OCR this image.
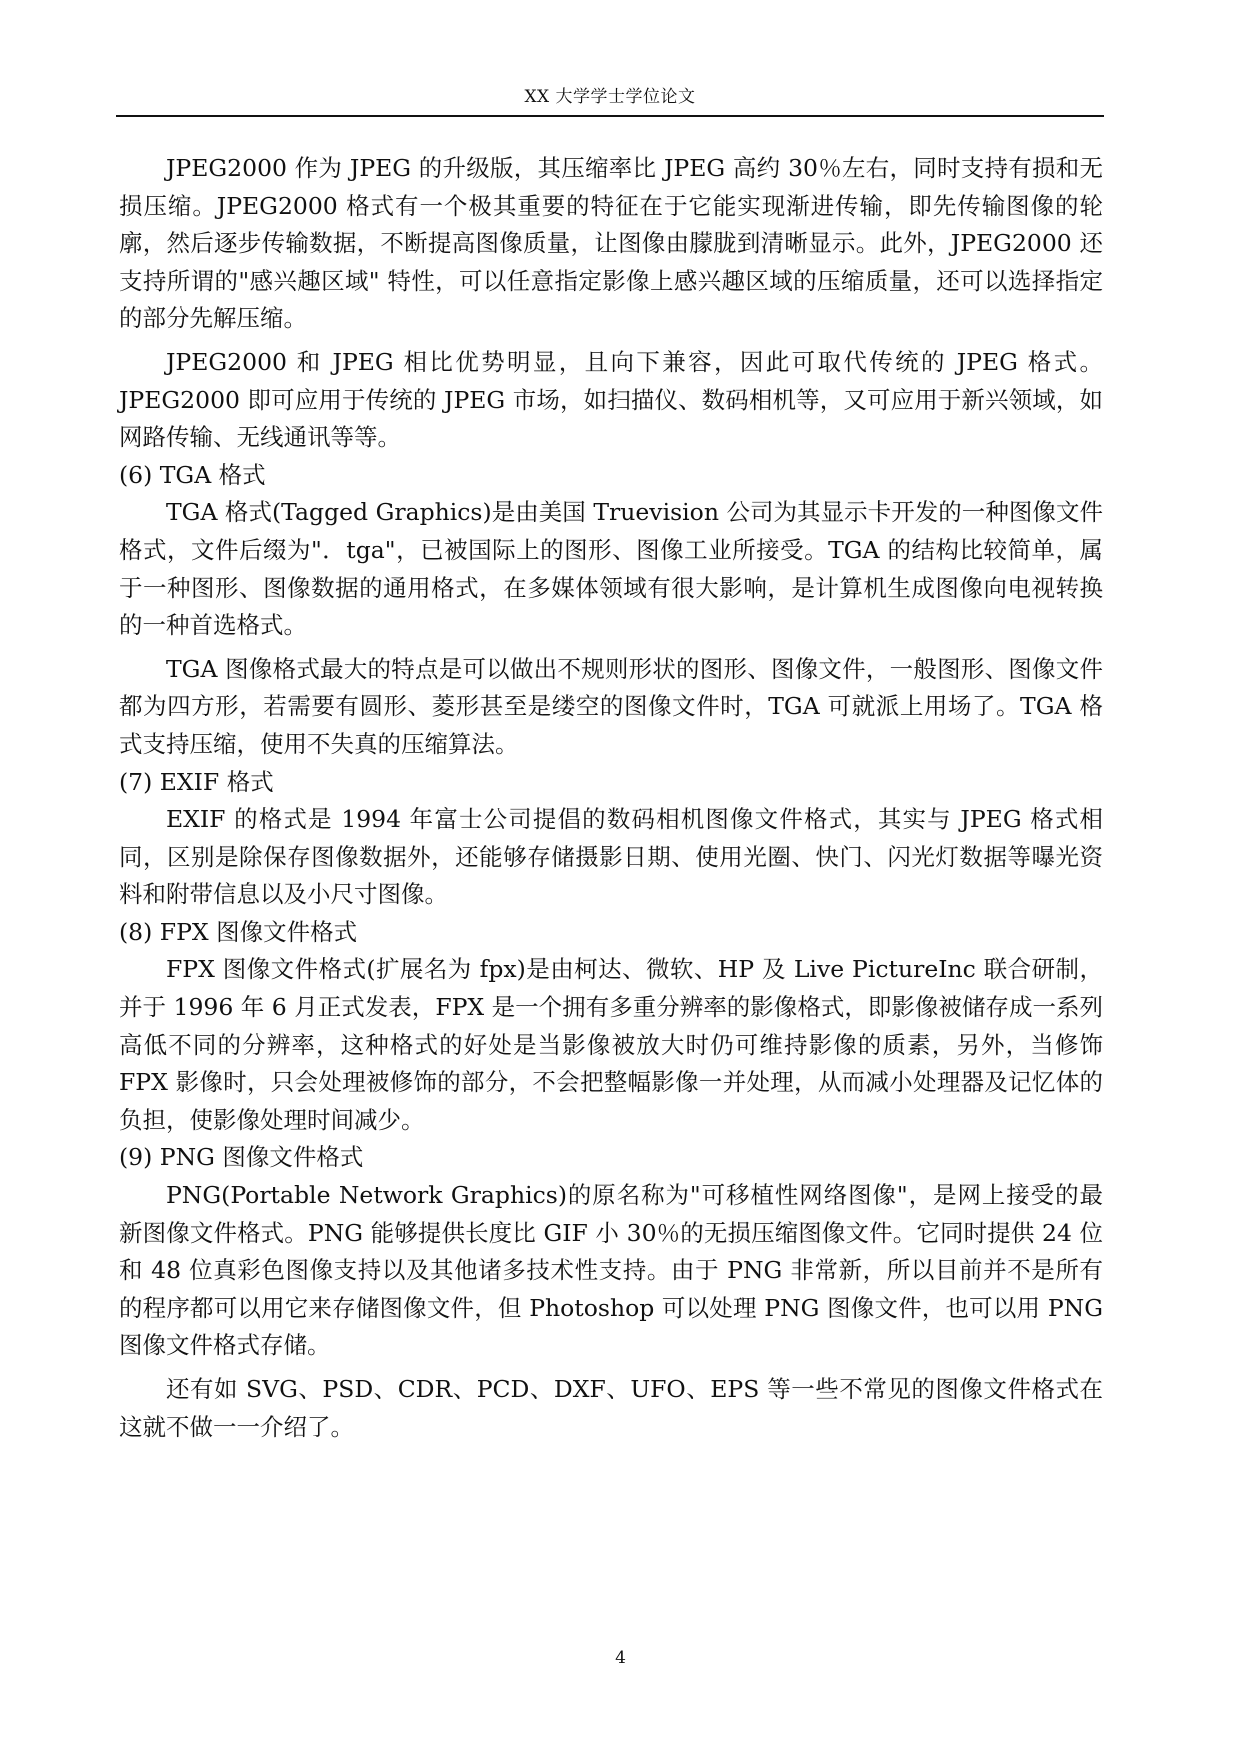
XX 大学学士学位论文

JPEG2000 作为 JPEG 的升级版，其压缩率比 JPEG 高约 30％左右，同时支持有损和无损压缩。JPEG2000 格式有一个极其重要的特征在于它能实现渐进传输，即先传输图像的轮廓，然后逐步传输数据，不断提高图像质量，让图像由朦胧到清晰显示。此外，JPEG2000 还支持所谓的"感兴趣区域" 特性，可以任意指定影像上感兴趣区域的压缩质量，还可以选择指定的部分先解压缩。

JPEG2000 和 JPEG 相比优势明显，且向下兼容，因此可取代传统的 JPEG 格式。JPEG2000 即可应用于传统的 JPEG 市场，如扫描仪、数码相机等，又可应用于新兴领域，如网路传输、无线通讯等等。

(6) TGA 格式

TGA 格式(Tagged Graphics)是由美国 Truevision 公司为其显示卡开发的一种图像文件格式，文件后缀为"．tga"，已被国际上的图形、图像工业所接受。TGA 的结构比较简单，属于一种图形、图像数据的通用格式，在多媒体领域有很大影响，是计算机生成图像向电视转换的一种首选格式。

TGA 图像格式最大的特点是可以做出不规则形状的图形、图像文件，一般图形、图像文件都为四方形，若需要有圆形、菱形甚至是缕空的图像文件时，TGA 可就派上用场了。TGA 格式支持压缩，使用不失真的压缩算法。

(7) EXIF 格式

EXIF 的格式是 1994 年富士公司提倡的数码相机图像文件格式，其实与 JPEG 格式相同，区别是除保存图像数据外，还能够存储摄影日期、使用光圈、快门、闪光灯数据等曝光资料和附带信息以及小尺寸图像。

(8) FPX 图像文件格式

FPX 图像文件格式(扩展名为 fpx)是由柯达、微软、HP 及 Live PictureInc 联合研制，并于 1996 年 6 月正式发表，FPX 是一个拥有多重分辨率的影像格式，即影像被储存成一系列高低不同的分辨率，这种格式的好处是当影像被放大时仍可维持影像的质素，另外，当修饰 FPX 影像时，只会处理被修饰的部分，不会把整幅影像一并处理，从而减小处理器及记忆体的负担，使影像处理时间减少。

(9) PNG 图像文件格式

PNG(Portable Network Graphics)的原名称为"可移植性网络图像"，是网上接受的最新图像文件格式。PNG 能够提供长度比 GIF 小 30％的无损压缩图像文件。它同时提供 24 位和 48 位真彩色图像支持以及其他诸多技术性支持。由于 PNG 非常新，所以目前并不是所有的程序都可以用它来存储图像文件，但 Photoshop 可以处理 PNG 图像文件，也可以用 PNG 图像文件格式存储。

还有如 SVG、PSD、CDR、PCD、DXF、UFO、EPS 等一些不常见的图像文件格式在这就不做一一介绍了。

4
